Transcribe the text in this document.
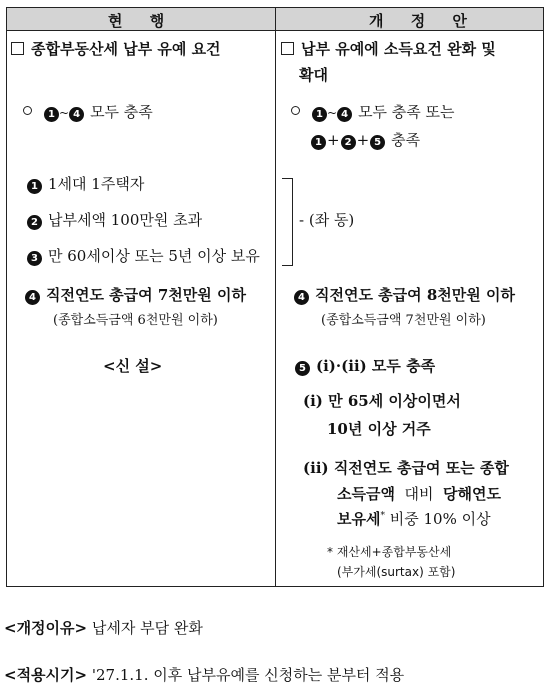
현 행	개 정 안
종합부동산세 납부 유예 요건
1 ~ 4 모두 충족
1 1세대 1주택자
2 납부세액 100만원 초과
3 만 60세이상 또는 5년 이상 보유
4 직전연도 총급여 7천만원 이하
(종합소득금액 6천만원 이하)
<신 설>
납부 유예에 소득요건 완화 및
확대
1 ~ 4 모두 충족 또는
1 + 2 + 5 충족
- (좌 동)
4 직전연도 총급여 8천만원 이하
(종합소득금액 7천만원 이하)
5 (ⅰ)·(ⅱ) 모두 충족
(ⅰ) 만 65세 이상이면서
10년 이상 거주
(ⅱ) 직전연도 총급여 또는 종합
소득금액 대비 당해연도
보유세* 비중 10% 이상
* 재산세+종합부동산세
(부가세(surtax) 포함)
<개정이유> 납세자 부담 완화
<적용시기> '27.1.1. 이후 납부유예를 신청하는 분부터 적용
